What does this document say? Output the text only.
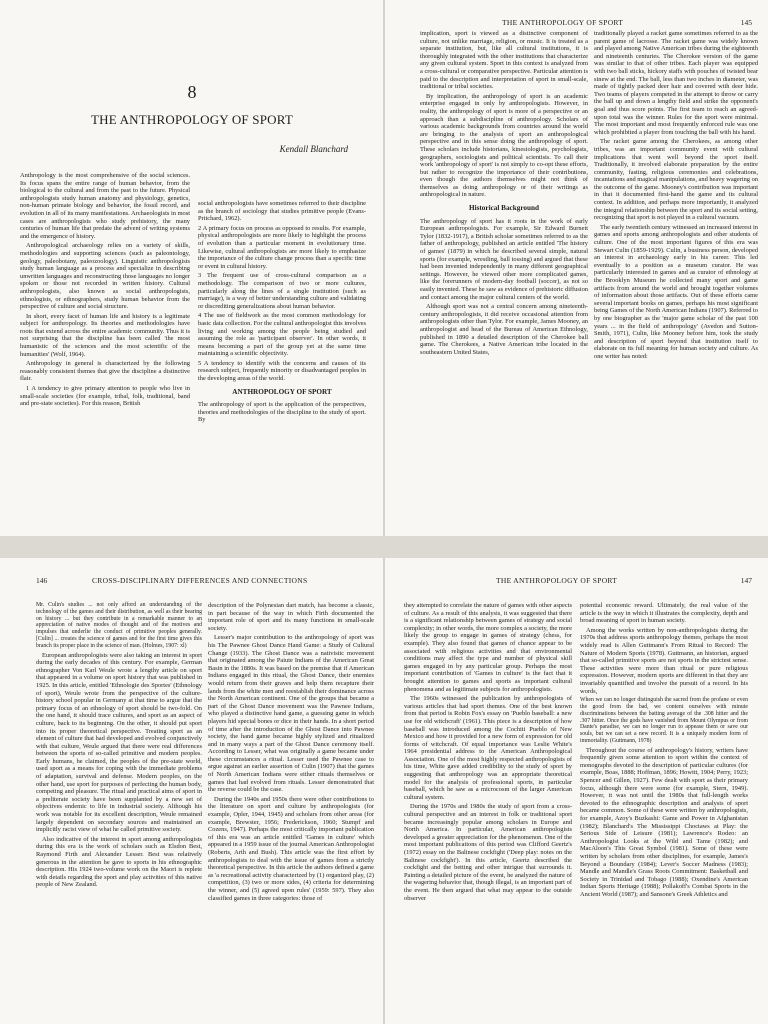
8
THE ANTHROPOLOGY OF SPORT
Kendall Blanchard

Anthropology is the most comprehensive of the social sciences. Its focus spans the entire range of human behavior, from the biological to the cultural and from the past to the future. Physical anthropologists study human anatomy and physiology, genetics, non-human primate biology and behavior, the fossil record, and evolution in all of its many manifestations. Archaeologists in most cases are anthropologists who study prehistory, the many centuries of human life that predate the advent of writing systems and the emergence of history.

Anthropological archaeology relies on a variety of skills, methodologies and supporting sciences (such as paleontology, geology, paleobotany, paleozoology). Linguistic anthropologists study human language as a process and specialize in describing unwritten languages and reconstructing those languages no longer spoken or those not recorded in written history. Cultural anthropologists, also known as social anthropologists, ethnologists, or ethnographers, study human behavior from the perspective of culture and social structure.

In short, every facet of human life and history is a legitimate subject for anthropology. Its theories and methodologies have roots that extend across the entire academic community. Thus it is not surprising that the discipline has been called 'the most humanistic of the sciences and the most scientific of the humanities' (Wolf, 1964).

Anthropology in general is characterized by the following reasonably consistent themes that give the discipline a distinctive flair.

1 A tendency to give primary attention to people who live in small-scale societies (for example, tribal, folk, traditional, band and pre-state societies). For this reason, British

social anthropologists have sometimes referred to their discipline as the branch of sociology that studies primitive people (Evans-Pritchard, 1962).

2 A primary focus on process as opposed to results. For example, physical anthropologists are more likely to highlight the process of evolution than a particular moment in evolutionary time. Likewise, cultural anthropologists are more likely to emphasize the importance of the culture change process than a specific time or event in cultural history.

3 The frequent use of cross-cultural comparison as a methodology. The comparison of two or more cultures, particularly along the lines of a single institution (such as marriage), is a way of better understanding culture and validating or discrediting generalizations about human behavior.

4 The use of fieldwork as the most common methodology for basic data collection. For the cultural anthropologist this involves living and working among the people being studied and assuming the role as 'participant observer'. In other words, it means becoming a part of the group yet at the same time maintaining a scientific objectivity.

5 A tendency to identify with the concerns and causes of its research subject, frequently minority or disadvantaged peoples in the developing areas of the world.

ANTHROPOLOGY OF SPORT

The anthropology of sport is the application of the perspectives, theories and methodologies of the discipline to the study of sport. By

THE ANTHROPOLOGY OF SPORT	145

implication, sport is viewed as a distinctive component of culture, not unlike marriage, religion, or music. It is treated as a separate institution, but, like all cultural institutions, it is thoroughly integrated with the other institutions that characterize any given cultural system. Sport in this context is analyzed from a cross-cultural or comparative perspective. Particular attention is paid to the description and interpretation of sport in small-scale, traditional or tribal societies.

By implication, the anthropology of sport is an academic enterprise engaged in only by anthropologists. However, in reality, the anthropology of sport is more of a perspective or an approach than a subdiscipline of anthropology. Scholars of various academic backgrounds from countries around the world are bringing to the analysis of sport an anthropological perspective and in this sense doing the anthropology of sport. These scholars include historians, kinesiologists, psychologists, geographers, sociologists and political scientists. To call their work 'anthropology of sport' is not simply to co-opt these efforts, but rather to recognize the importance of their contributions, even though the authors themselves might not think of themselves as doing anthropology or of their writings as anthropological in nature.

Historical Background

The anthropology of sport has it roots in the work of early European anthropologists. For example, Sir Edward Burnett Tylor (1832-1917), a British scholar sometimes referred to as the father of anthropology, published an article entitled 'The history of games' (1879) in which he described several simple, natural sports (for example, wrestling, ball tossing) and argued that these had been invented independently in many different geographical settings. However, he viewed other more complicated games, like the forerunners of modern-day football (soccer), as not so easily invented. These he saw as evidence of prehistoric diffusion and contact among the major cultural centers of the world.

Although sport was not a central concern among nineteenth-century anthropologists, it did receive occasional attention from anthropologists other than Tylor. For example, James Mooney, an anthropologist and head of the Bureau of American Ethnology, published in 1890 a detailed description of the Cherokee ball game. The Cherokees, a Native American tribe located in the southeastern United States,

traditionally played a racket game sometimes referred to as the parent game of lacrosse. The racket game was widely known and played among Native American tribes during the eighteenth and nineteenth centuries. The Cherokee version of the game was similar to that of other tribes. Each player was equipped with two ball sticks, hickory staffs with pouches of twisted bear sinew at the end. The ball, less than two inches in diameter, was made of tightly packed deer hair and covered with deer hide. Two teams of players competed in the attempt to throw or carry the ball up and down a lengthy field and strike the opponent's goal and thus score points. The first team to reach an agreed-upon total was the winner. Rules for the sport were minimal. The most important and most frequently enforced rule was one which prohibited a player from touching the ball with his hand.

The racket game among the Cherokees, as among other tribes, was an important community event with cultural implications that went well beyond the sport itself. Traditionally, it involved elaborate preparation by the entire community, fasting, religious ceremonies and celebrations, incantations and magical manipulations, and heavy wagering on the outcome of the game. Mooney's contribution was important in that it documented first-hand the game and its cultural context. In addition, and perhaps more importantly, it analyzed the integral relationship between the sport and its social setting, recognizing that sport is not played in a cultural vacuum.

The early twentieth century witnessed an increased interest in games and sports among anthropologists and other students of culture. One of the most important figures of this era was Stewart Culin (1859-1929). Culin, a business person, developed an interest in archaeology early in his career. This led eventually to a position as a museum curator. He was particularly interested in games and as curator of ethnology at the Brooklyn Museum he collected many sport and game artifacts from around the world and brought together volumes of information about those artifacts. Out of these efforts came several important books on games, perhaps his most significant being Games of the North American Indians (1907). Referred to by one biographer as the 'major game scholar of the past 100 years ... in the field of anthropology' (Avedon and Sutton-Smith, 1971), Culin, like Mooney before him, took the study and description of sport beyond that institution itself to elaborate on its full meaning for human society and culture. As one writer has noted:

146	CROSS-DISCIPLINARY DIFFERENCES AND CONNECTIONS

Mr. Culin's studies ... not only afford an understanding of the technology of the games and their distribution, as well as their bearing on history ... but they contribute in a remarkable manner to an appreciation of native modes of thought and of the motives and impulses that underlie the conduct of primitive peoples generally. [Culin] ... creates the science of games and for the first time gives this branch its proper place in the science of man. (Holmes, 1907: xl)

European anthropologists were also taking an interest in sport during the early decades of this century. For example, German ethnographer Von Karl Weule wrote a lengthy article on sport that appeared in a volume on sport history that was published in 1925. In this article, entitled 'Ethnologie des Sportes' (Ethnology of sport), Weule wrote from the perspective of the culture-history school popular in Germany at that time to argue that the primary focus of an ethnology of sport should be two-fold. On the one hand, it should trace cultures, and sport as an aspect of culture, back to its beginning. On the other, it should put sport into its proper theoretical perspective. Treating sport as an element of culture that had developed and evolved conjunctively with that culture, Weule argued that there were real differences between the sports of so-called primitive and modern peoples. Early humans, he claimed, the peoples of the pre-state world, used sport as a means for coping with the immediate problems of adaptation, survival and defense. Modern peoples, on the other hand, use sport for purposes of perfecting the human body, competing and pleasure. The ritual and practical aims of sport in a preliterate society have been supplanted by a new set of objectives endemic to life in industrial society. Although his work was notable for its excellent description, Weule remained largely dependent on secondary sources and maintained an implicitly racist view of what he called primitive society.

Also indicative of the interest in sport among anthropologists during this era is the work of scholars such as Elsdon Best, Raymond Firth and Alexander Lesser. Best was relatively generous in the attention he gave to sports in his ethnographic description. His 1924 two-volume work on the Maori is replete with details regarding the sport and play activities of this native people of New Zealand.

description of the Polynesian dart match, has become a classic, in part because of the way in which Firth documented the important role of sport and its many functions in small-scale society.

Lesser's major contribution to the anthropology of sport was his The Pawnee Ghost Dance Hand Game: a Study of Cultural Change (1933). The Ghost Dance was a nativistic movement that originated among the Paiute Indians of the American Great Basin in the 1880s. It was based on the premise that if American Indians engaged in this ritual, the Ghost Dance, their enemies would return from their graves and help them recapture their lands from the white men and reestablish their dominance across the North American continent. One of the groups that became a part of the Ghost Dance movement was the Pawnee Indians, who played a distinctive hand game, a guessing game in which players hid special bones or dice in their hands. In a short period of time after the introduction of the Ghost Dance into Pawnee society, the hand game became highly stylized and ritualized and in many ways a part of the Ghost Dance ceremony itself. According to Lesser, what was originally a game became under these circumstances a ritual. Lesser used the Pawnee case to argue against an earlier assertion of Culin (1907) that the games of North American Indians were either rituals themselves or games that had evolved from rituals. Lesser demonstrated that the reverse could be the case.

During the 1940s and 1950s there were other contributions to the literature on sport and culture by anthropologists (for example, Opler, 1944, 1945) and scholars from other areas (for example, Brewster, 1956; Frederickson, 1960; Stumpf and Cozens, 1947). Perhaps the most critically important publication of this era was an article entitled 'Games in culture' which appeared in a 1959 issue of the journal American Anthropologist (Roberts, Arth and Bush). This article was the first effort by anthropologists to deal with the issue of games from a strictly theoretical perspective. In this article the authors defined a game as 'a recreational activity characterized by (1) organized play, (2) competition, (3) two or more sides, (4) criteria for determining the winner, and (5) agreed upon rules' (1959: 597). They also classified games in three categories: those of

THE ANTHROPOLOGY OF SPORT	147

they attempted to correlate the nature of games with other aspects of culture. As a result of this analysis, it was suggested that there is a significant relationship between games of strategy and social complexity; in other words, the more complex a society, the more likely the group to engage in games of strategy (chess, for example). They also found that games of chance appear to be associated with religious activities and that environmental conditions may affect the type and number of physical skill games engaged in by any particular group. Perhaps the most important contribution of 'Games in culture' is the fact that it brought attention to games and sports as important cultural phenomena and as legitimate subjects for anthropologists.

The 1960s witnessed the publication by anthropologists of various articles that had sport themes. One of the best known from that period is Robin Fox's essay on 'Pueblo baseball: a new use for old witchcraft' (1961). This piece is a description of how baseball was introduced among the Cochiti Pueblo of New Mexico and how it provided for a new form of expression for old forms of witchcraft. Of equal importance was Leslie White's 1964 presidential address to the American Anthropological Association. One of the most highly respected anthropologists of his time, White gave added credibility to the study of sport by suggesting that anthropology was an appropriate theoretical model for the analysis of professional sports, in particular baseball, which he saw as a microcosm of the larger American cultural system.

During the 1970s and 1980s the study of sport from a cross-cultural perspective and an interest in folk or traditional sport became increasingly popular among scholars in Europe and North America. In particular, American anthropologists developed a greater appreciation for the phenomenon. One of the most important publications of this period was Clifford Geertz's (1972) essay on the Balinese cockfight ('Deep play: notes on the Balinese cockfight'). In this article, Geertz described the cockfight and the betting and other intrigue that surrounds it. Painting a detailed picture of the event, he analyzed the nature of the wagering behavior that, though illegal, is an important part of the event. He then argued that what may appear to the outside observer

potential economic reward. Ultimately, the real value of the article is the way in which it illustrates the complexity, depth and broad meaning of sport in human society.

Among the works written by non-anthropologists during the 1970s that address sports anthropology themes, perhaps the most widely read is Allen Guttmann's From Ritual to Record: The Nature of Modern Sports (1978). Guttmann, an historian, argued that so-called primitive sports are not sports in the strictest sense. These activities were more than ritual or pure religious expression. However, modern sports are different in that they are invariably quantified and involve the pursuit of a record. In his words,

When we can no longer distinguish the sacred from the profane or even the good from the bad, we content ourselves with minute discriminations between the batting average of the .308 hitter and the .307 hitter. Once the gods have vanished from Mount Olympus or from Dante's paradise, we can no longer run to appease them or save our souls, but we can set a new record. It is a uniquely modern form of immortality. (Guttmann, 1978)

Throughout the course of anthropology's history, writers have frequently given some attention to sport within the context of monographs devoted to the description of particular cultures (for example, Boas, 1888; Hoffman, 1896; Howitt, 1904; Perry, 1923; Spencer and Gillen, 1927). Few dealt with sport as their primary focus, although there were some (for example, Stern, 1949). However, it was not until the 1980s that full-length works devoted to the ethnographic description and analysis of sport became common. Some of these were written by anthropologists, for example, Azoy's Buzkashi: Game and Power in Afghanistan (1982); Blanchard's The Mississippi Choctaws at Play: the Serious Side of Leisure (1981); Lawrence's Rodeo: an Anthropologist Looks at the Wild and Tame (1982); and MacAloon's This Great Symbol (1981). Some of these were written by scholars from other disciplines, for example, James's Beyond a Boundary (1984); Lever's Soccer Madness (1983); Mandle and Mandle's Grass Roots Commitment: Basketball and Society in Trinidad and Tobago (1988); Oxendine's American Indian Sports Heritage (1988); Pollakoff's Combat Sports in the Ancient World (1987); and Sansone's Greek Athletics and
